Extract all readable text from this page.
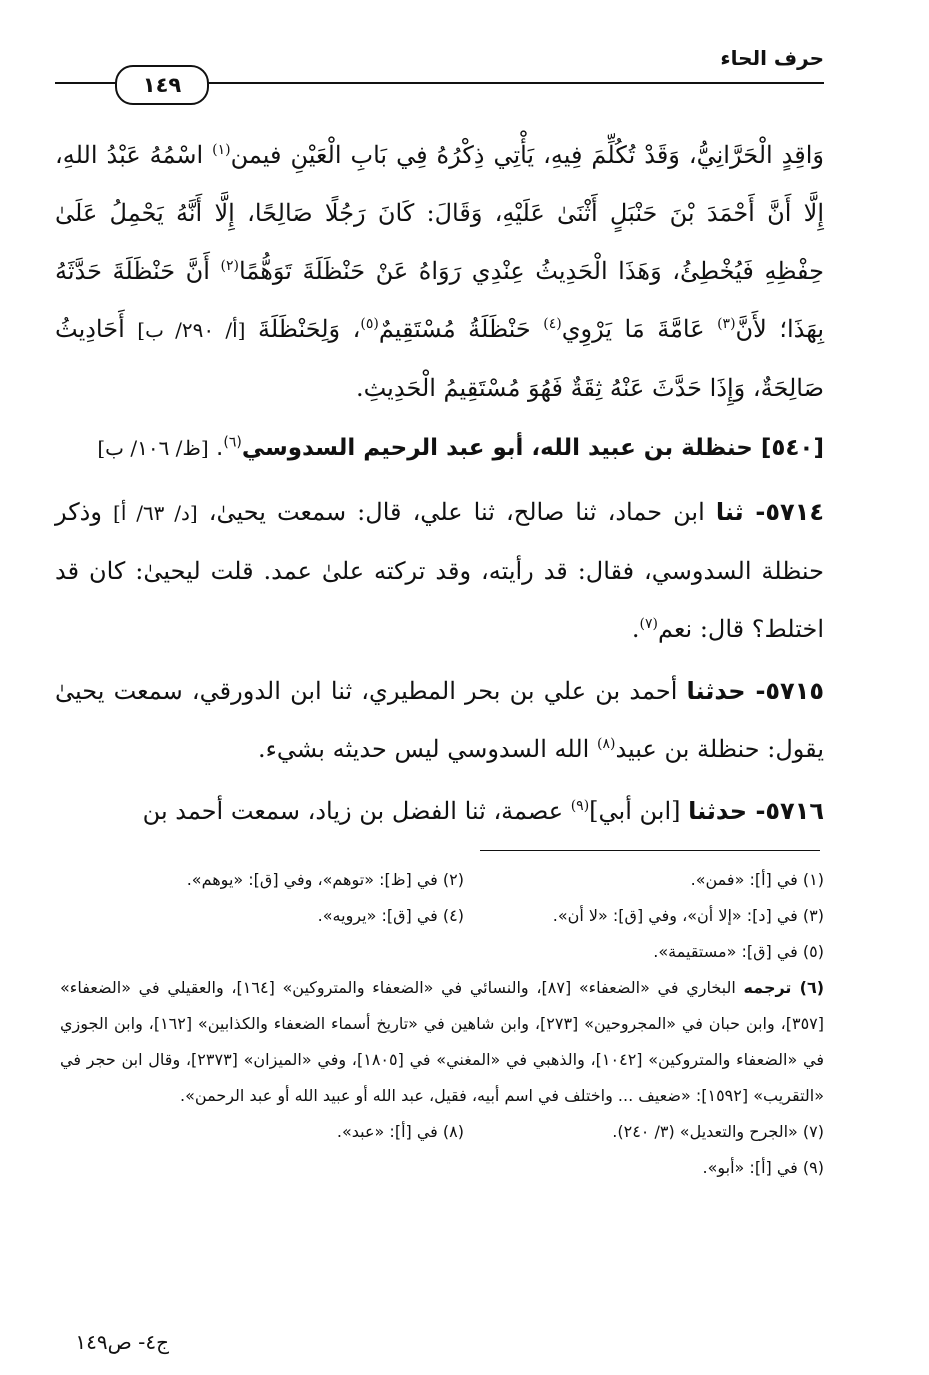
حرف الحاء
١٤٩

وَاقِدٍ الْحَرَّانِيُّ، وَقَدْ تُكُلِّمَ فِيهِ، يَأْتِي ذِكْرُهُ فِي بَابِ الْعَيْنِ فيمن$^{(١)}$ اسْمُهُ عَبْدُ اللهِ، إِلَّا أَنَّ أَحْمَدَ بْنَ حَنْبَلٍ أَثْنَىٰ عَلَيْهِ، وَقَالَ: كَانَ رَجُلًا صَالِحًا، إِلَّا أَنَّهُ يَحْمِلُ عَلَىٰ حِفْظِهِ فَيُخْطِئُ، وَهَذَا الْحَدِيثُ عِنْدِي رَوَاهُ عَنْ حَنْظَلَةَ تَوَهُّمًا$^{(٢)}$ أَنَّ حَنْظَلَةَ حَدَّثَهُ بِهَذَا؛ لأَنَّ$^{(٣)}$ عَامَّةَ مَا يَرْوِي$^{(٤)}$ حَنْظَلَةُ مُسْتَقِيمٌ$^{(٥)}$، وَلِحَنْظَلَةَ [أ/ ٢٩٠/ ب] أَحَادِيثُ صَالِحَةٌ، وَإِذَا حَدَّثَ عَنْهُ ثِقَةٌ فَهُوَ مُسْتَقِيمُ الْحَدِيثِ.

[٥٤٠] حنظلة بن عبيد الله، أبو عبد الرحيم السدوسي$^{(٦)}$. [ظ/ ١٠٦/ ب]

٥٧١٤- ثنا ابن حماد، ثنا صالح، ثنا علي، قال: سمعت يحيىٰ، [د/ ٦٣/ أ] وذكر حنظلة السدوسي، فقال: قد رأيته، وقد تركته علىٰ عمد. قلت ليحيىٰ: كان قد اختلط؟ قال: نعم$^{(٧)}$.

٥٧١٥- حدثنا أحمد بن علي بن بحر المطيري، ثنا ابن الدورقي، سمعت يحيىٰ يقول: حنظلة بن عبيد$^{(٨)}$ الله السدوسي ليس حديثه بشيء.

٥٧١٦- حدثنا [ابن أبي]$^{(٩)}$ عصمة، ثنا الفضل بن زياد، سمعت أحمد بن

(١) في [أ]: «فمن».
(٢) في [ظ]: «توهم»، وفي [ق]: «يوهم».
(٣) في [د]: «إلا أن»، وفي [ق]: «لا أن».
(٤) في [ق]: «يرويه».
(٥) في [ق]: «مستقيمة».
(٦) ترجمه البخاري في «الضعفاء» [٨٧]، والنسائي في «الضعفاء والمتروكين» [١٦٤]، والعقيلي في «الضعفاء» [٣٥٧]، وابن حبان في «المجروحين» [٢٧٣]، وابن شاهين في «تاريخ أسماء الضعفاء والكذابين» [١٦٢]، وابن الجوزي في «الضعفاء والمتروكين» [١٠٤٢]، والذهبي في «المغني» في [١٨٠٥]، وفي «الميزان» [٢٣٧٣]، وقال ابن حجر في «التقريب» [١٥٩٢]: «ضعيف ... واختلف في اسم أبيه، فقيل، عبد الله أو عبيد الله أو عبد الرحمن».
(٧) «الجرح والتعديل» (٣/ ٢٤٠).
(٨) في [أ]: «عبد».
(٩) في [أ]: «أبو».
ج٤- ص١٤٩
